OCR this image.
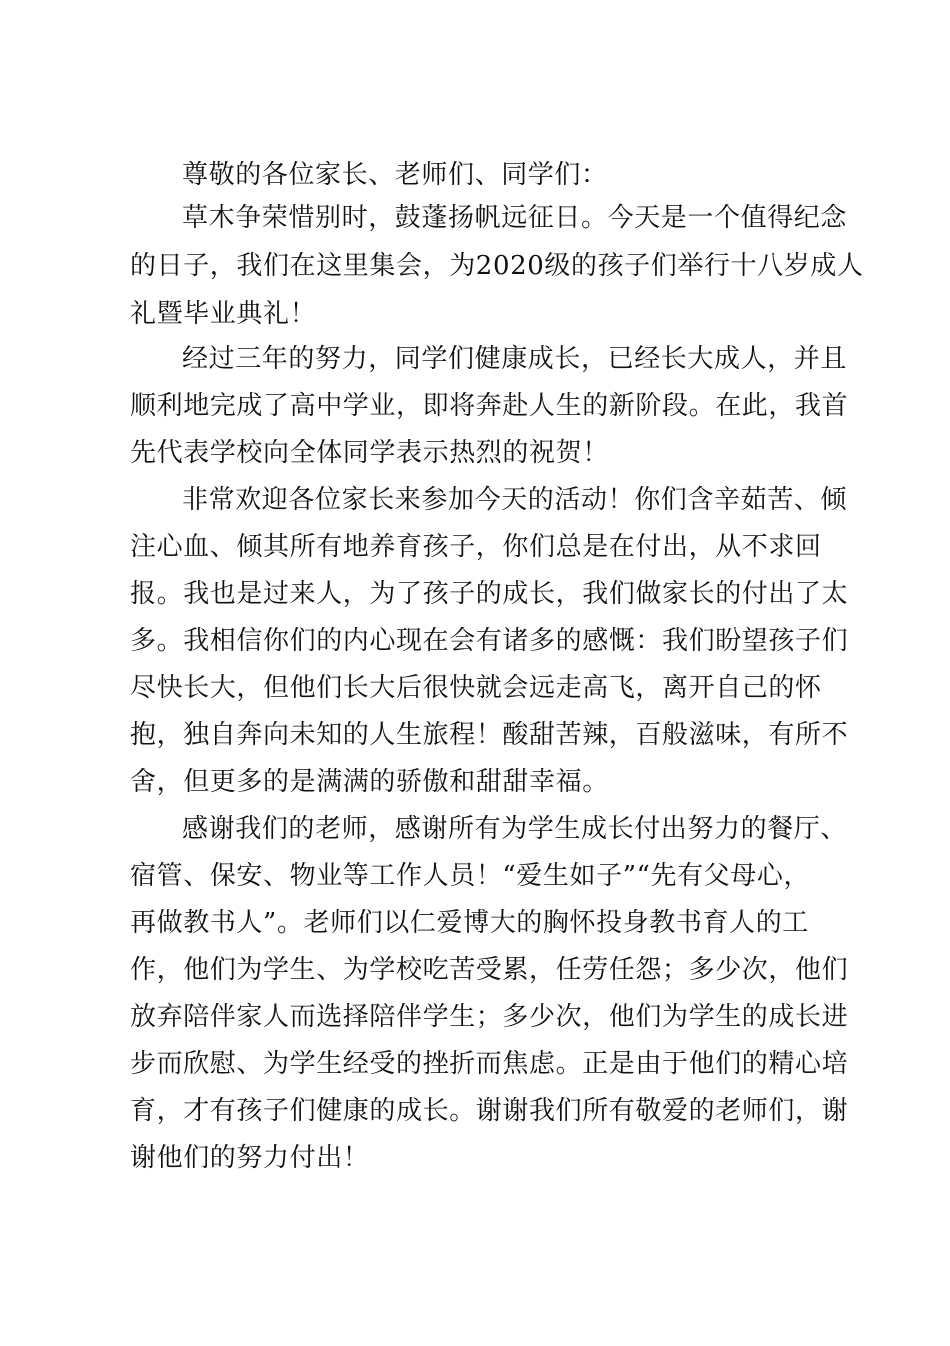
尊敬的各位家长、老师们、同学们：
草木争荣惜别时，鼓蓬扬帆远征日。今天是一个值得纪念
的日子，我们在这里集会，为2020级的孩子们举行十八岁成人
礼暨毕业典礼！
经过三年的努力，同学们健康成长，已经长大成人，并且
顺利地完成了高中学业，即将奔赴人生的新阶段。在此，我首
先代表学校向全体同学表示热烈的祝贺！
非常欢迎各位家长来参加今天的活动！你们含辛茹苦、倾
注心血、倾其所有地养育孩子，你们总是在付出，从不求回
报。我也是过来人，为了孩子的成长，我们做家长的付出了太
多。我相信你们的内心现在会有诸多的感慨：我们盼望孩子们
尽快长大，但他们长大后很快就会远走高飞，离开自己的怀
抱，独自奔向未知的人生旅程！酸甜苦辣，百般滋味，有所不
舍，但更多的是满满的骄傲和甜甜幸福。
感谢我们的老师，感谢所有为学生成长付出努力的餐厅、
宿管、保安、物业等工作人员！“爱生如子”“先有父母心，
再做教书人”。老师们以仁爱博大的胸怀投身教书育人的工
作，他们为学生、为学校吃苦受累，任劳任怨；多少次，他们
放弃陪伴家人而选择陪伴学生；多少次，他们为学生的成长进
步而欣慰、为学生经受的挫折而焦虑。正是由于他们的精心培
育，才有孩子们健康的成长。谢谢我们所有敬爱的老师们，谢
谢他们的努力付出！
